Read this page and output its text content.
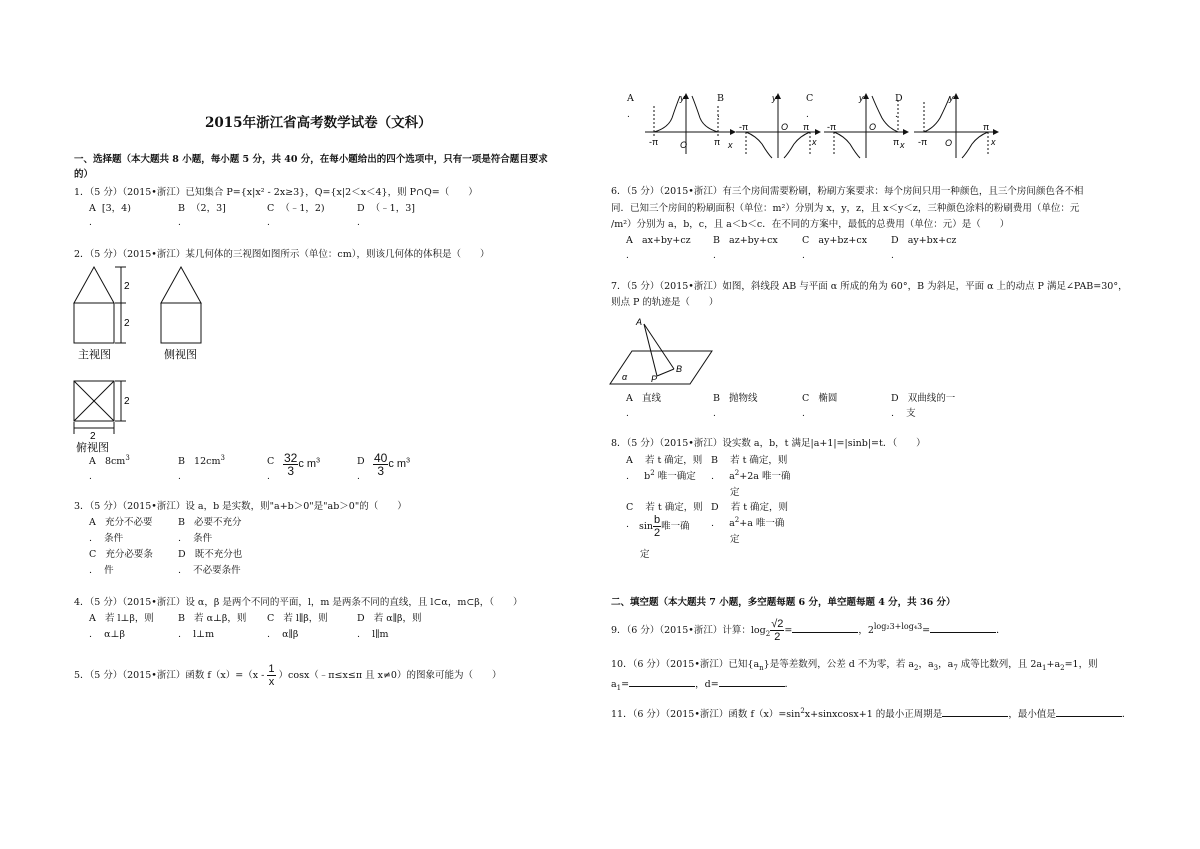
2015年浙江省高考数学试卷（文科）
一、选择题（本大题共 8 小题，每小题 5 分，共 40 分，在每小题给出的四个选项中，只有一项是符合题目要求
的）
1．（5 分）（2015•浙江）已知集合 P={x|x² - 2x≥3}，Q={x|2＜x＜4}，则 P∩Q=（　　）
A [3，4)	B （2，3]	C （﹣1，2)	D （﹣1，3]
.	.	.	.
2．（5 分）（2015•浙江）某几何体的三视图如图所示（单位：cm），则该几何体的体积是（　　）
2
2
主视图	侧视图
2
2
俯视图
A $8cm^3$	B $12cm^3$	C $\frac{32}{3}$ c $m^3$	D $\frac{40}{3}$ c $m^3$
.	.	.	.
3．（5 分）（2015•浙江）设 a，b 是实数，则"a+b＞0"是"ab＞0"的（　　）
A 充分不必要
.    条件
B 必要不充分
.    条件
C 充分必要条
.    件
D 既不充分也
.    不必要条件
4．（5 分）（2015•浙江）设 α，β 是两个不同的平面，l，m 是两条不同的直线，且 l⊂α，m⊂β，（　　）
A 若 l⊥β，则
.    α⊥β
B 若 α⊥β，则
.    l⊥m
C 若 l∥β，则
.    α∥β
D 若 α∥β，则
.    l∥m
5．（5 分）（2015•浙江）函数 $f(x)=(x - \frac{1}{x}$ ）cosx（﹣π≤x≤π 且 x≠0）的图象可能为（　　）
A
.
B
.
C
.
D
.
y
x
O
-π	π
y
x
O
-π	π
y
x
O
-π
π
y
x
O
-π
π
6．（5 分）（2015•浙江）有三个房间需要粉刷，粉刷方案要求：每个房间只用一种颜色，且三个房间颜色各不相
同．已知三个房间的粉刷面积（单位：m²）分别为 x，y，z，且 x＜y＜z，三种颜色涂料的粉刷费用（单位：元
/m²）分别为 a，b，c，且 a＜b＜c．在不同的方案中，最低的总费用（单位：元）是（　　）
A ax+by+cz B az+by+cx	C ay+bz+cx	D ay+bx+cz
.	.	.	.
7．（5 分）（2015•浙江）如图，斜线段 AB 与平面 α 所成的角为 60°，B 为斜足，平面 α 上的动点 P 满足∠PAB=30°，
则点 P 的轨迹是（　　）
A
B
P
α
A 直线	B 抛物线	C 椭圆	D 双曲线的一
.	.	.	.    支
8．（5 分）（2015•浙江）设实数 a，b，t 满足|a+1|=|sinb|=t．（　　）
A    若 t 确定，则
.     $b^2$ 唯一确定
B    若 t 确定，则
.     $a^2+2a$ 唯一确
定
C    若 t 确定，则
. $\sin \frac{b}{2}$ 唯一确
定
D    若 t 确定，则
.     $a^2+a$ 唯一确
定
二、填空题（本大题共 7 小题，多空题每题 6 分，单空题每题 4 分，共 36 分）
9．（6 分）（2015•浙江）计算：$\log_2 \frac{√2}{2}$ =	，$2^{log_23+log_43}=$	．
10．（6 分）（2015•浙江）已知$\{a_n\}$是等差数列，公差 d 不为零，若 $a_2$，$a_3$，$a_7$ 成等比数列，且 $2a_1+a_2=1$，则
$a_1=$	，d=	．
11．（6 分）（2015•浙江）函数 $f(x)=\sin^2x+sinxcosx+1$ 的最小正周期是	，最小值是	．
